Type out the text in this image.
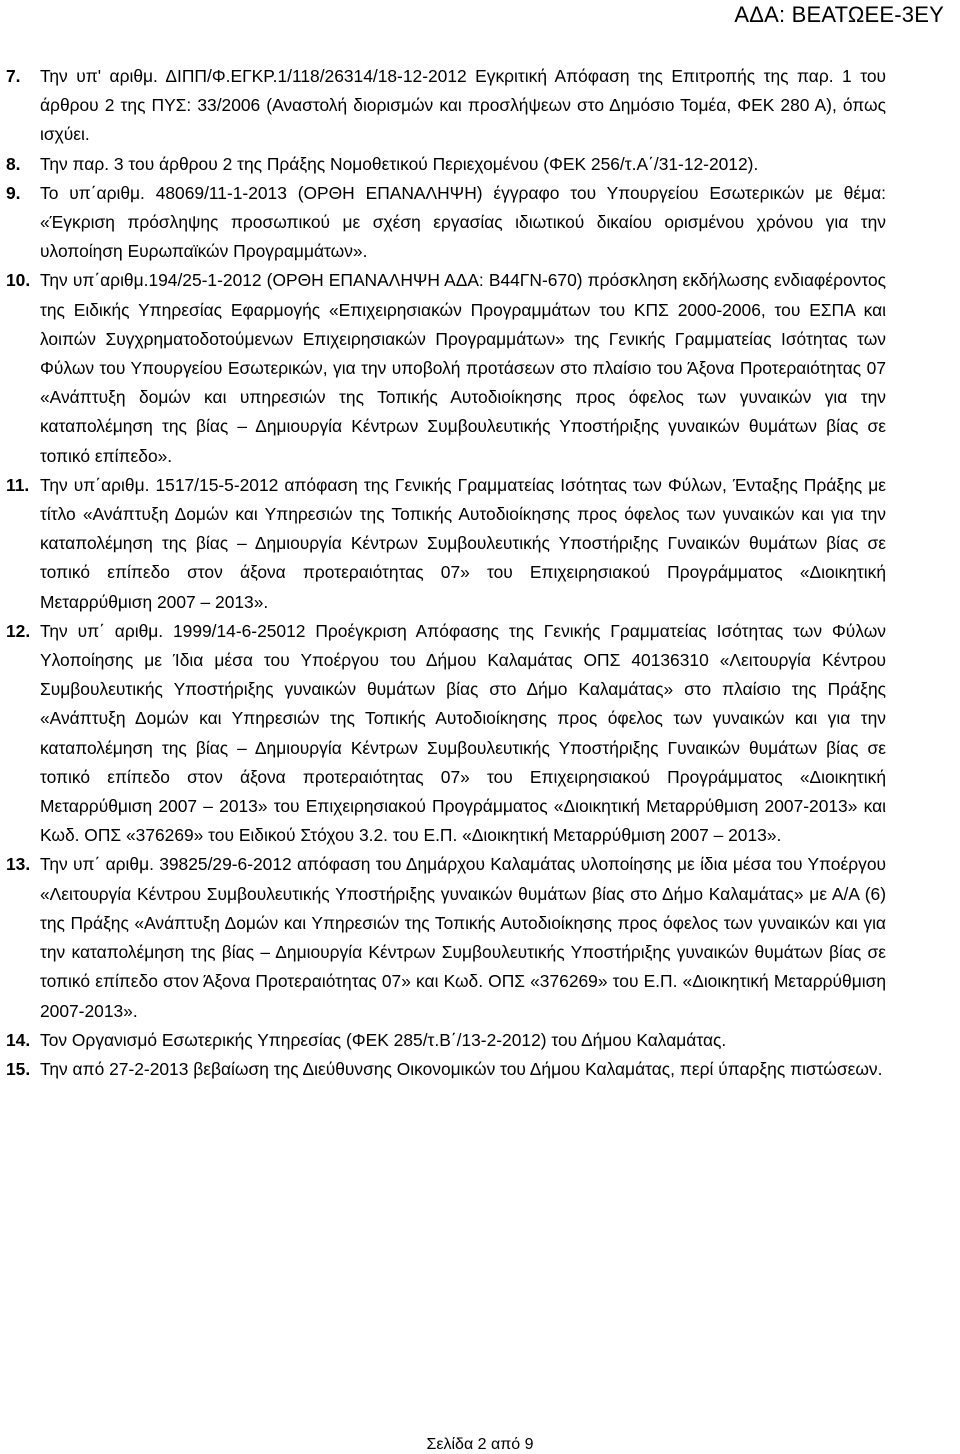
ΑΔΑ: ΒΕΑΤΩΕΕ-3ΕΥ
7. Την υπ' αριθμ. ΔΙΠΠ/Φ.ΕΓΚΡ.1/118/26314/18-12-2012 Εγκριτική Απόφαση της Επιτροπής της παρ. 1 του άρθρου 2 της ΠΥΣ: 33/2006 (Αναστολή διορισμών και προσλήψεων στο Δημόσιο Τομέα, ΦΕΚ 280 Α), όπως ισχύει.
8. Την παρ. 3 του άρθρου 2 της Πράξης Νομοθετικού Περιεχομένου (ΦΕΚ 256/τ.Α΄/31-12-2012).
9. Το υπ΄αριθμ. 48069/11-1-2013 (ΟΡΘΗ ΕΠΑΝΑΛΗΨΗ) έγγραφο του Υπουργείου Εσωτερικών με θέμα: «Έγκριση πρόσληψης προσωπικού με σχέση εργασίας ιδιωτικού δικαίου ορισμένου χρόνου για την υλοποίηση Ευρωπαϊκών Προγραμμάτων».
10. Την υπ΄αριθμ.194/25-1-2012 (ΟΡΘΗ ΕΠΑΝΑΛΗΨΗ ΑΔΑ: Β44ΓΝ-670) πρόσκληση εκδήλωσης ενδιαφέροντος της Ειδικής Υπηρεσίας Εφαρμογής «Επιχειρησιακών Προγραμμάτων του ΚΠΣ 2000-2006, του ΕΣΠΑ και λοιπών Συγχρηματοδοτούμενων Επιχειρησιακών Προγραμμάτων» της Γενικής Γραμματείας Ισότητας των Φύλων του Υπουργείου Εσωτερικών, για την υποβολή προτάσεων στο πλαίσιο του Άξονα Προτεραιότητας 07 «Ανάπτυξη δομών και υπηρεσιών της Τοπικής Αυτοδιοίκησης προς όφελος των γυναικών για την καταπολέμηση της βίας – Δημιουργία Κέντρων Συμβουλευτικής Υποστήριξης γυναικών θυμάτων βίας σε τοπικό επίπεδο».
11. Την υπ΄αριθμ. 1517/15-5-2012 απόφαση της Γενικής Γραμματείας Ισότητας των Φύλων, Ένταξης Πράξης με τίτλο «Ανάπτυξη Δομών και Υπηρεσιών της Τοπικής Αυτοδιοίκησης προς όφελος των γυναικών και για την καταπολέμηση της βίας – Δημιουργία Κέντρων Συμβουλευτικής Υποστήριξης Γυναικών θυμάτων βίας σε τοπικό επίπεδο στον άξονα προτεραιότητας 07» του Επιχειρησιακού Προγράμματος «Διοικητική Μεταρρύθμιση 2007 – 2013».
12. Την υπ΄ αριθμ. 1999/14-6-25012 Προέγκριση Απόφασης της Γενικής Γραμματείας Ισότητας των Φύλων Υλοποίησης με Ίδια μέσα του Υποέργου του Δήμου Καλαμάτας ΟΠΣ 40136310 «Λειτουργία Κέντρου Συμβουλευτικής Υποστήριξης γυναικών θυμάτων βίας στο Δήμο Καλαμάτας» στο πλαίσιο της Πράξης «Ανάπτυξη Δομών και Υπηρεσιών της Τοπικής Αυτοδιοίκησης προς όφελος των γυναικών και για την καταπολέμηση της βίας – Δημιουργία Κέντρων Συμβουλευτικής Υποστήριξης Γυναικών θυμάτων βίας σε τοπικό επίπεδο στον άξονα προτεραιότητας 07» του Επιχειρησιακού Προγράμματος «Διοικητική Μεταρρύθμιση 2007 – 2013» του Επιχειρησιακού Προγράμματος «Διοικητική Μεταρρύθμιση 2007-2013» και Κωδ. ΟΠΣ «376269» του Ειδικού Στόχου 3.2. του Ε.Π. «Διοικητική Μεταρρύθμιση 2007 – 2013».
13. Την υπ΄ αριθμ. 39825/29-6-2012 απόφαση του Δημάρχου Καλαμάτας υλοποίησης με ίδια μέσα του Υποέργου «Λειτουργία Κέντρου Συμβουλευτικής Υποστήριξης γυναικών θυμάτων βίας στο Δήμο Καλαμάτας» με Α/Α (6) της Πράξης «Ανάπτυξη Δομών και Υπηρεσιών της Τοπικής Αυτοδιοίκησης προς όφελος των γυναικών και για την καταπολέμηση της βίας – Δημιουργία Κέντρων Συμβουλευτικής Υποστήριξης γυναικών θυμάτων βίας σε τοπικό επίπεδο στον Άξονα Προτεραιότητας 07» και Κωδ. ΟΠΣ «376269» του Ε.Π. «Διοικητική Μεταρρύθμιση 2007-2013».
14. Τον Οργανισμό Εσωτερικής Υπηρεσίας (ΦΕΚ 285/τ.Β΄/13-2-2012) του Δήμου Καλαμάτας.
15. Την από 27-2-2013 βεβαίωση της Διεύθυνσης Οικονομικών του Δήμου Καλαμάτας, περί ύπαρξης πιστώσεων.
Σελίδα 2 από 9
